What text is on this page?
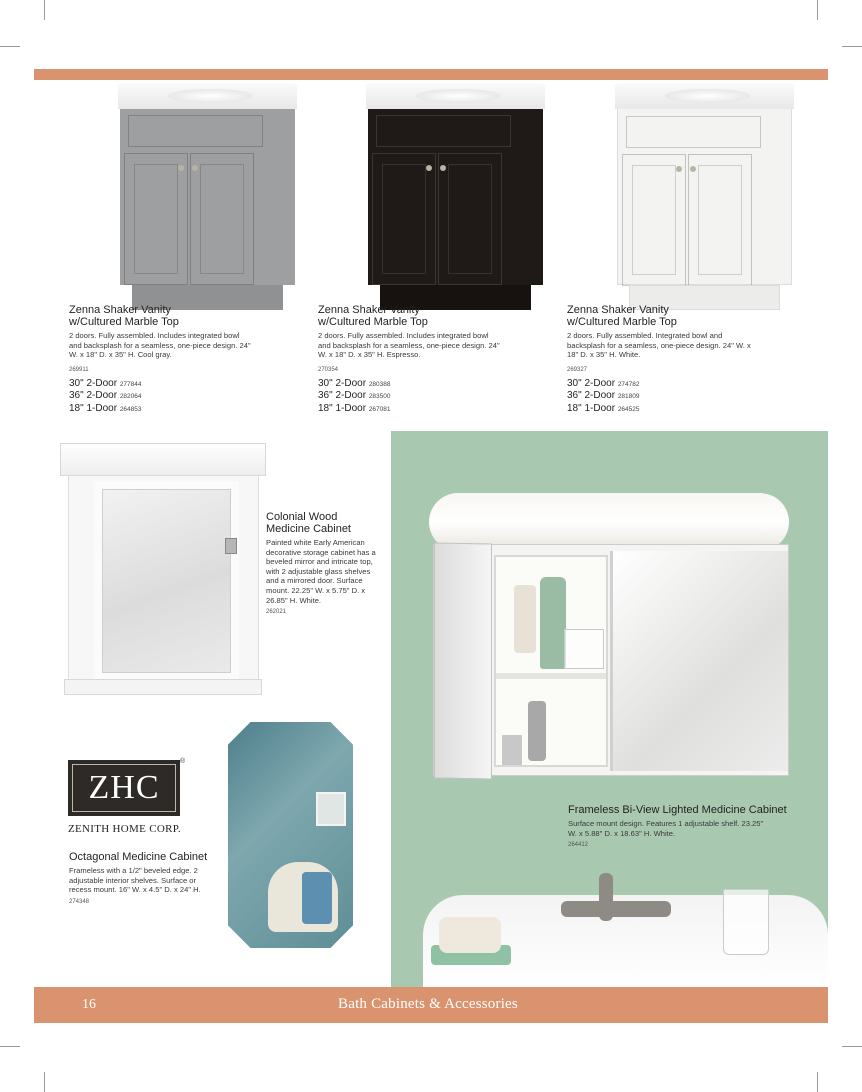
Zenna Shaker Vanity
w/Cultured Marble Top
2 doors. Fully assembled. Includes integrated bowl and backsplash for a seamless, one-piece design. 24" W. x 18" D. x 35" H. Cool gray.
269911
30" 2-Door 277844
36" 2-Door 282064
18" 1-Door 264853
Zenna Shaker Vanity
w/Cultured Marble Top
2 doors. Fully assembled. Includes integrated bowl and backsplash for a seamless, one-piece design. 24" W. x 18" D. x 35" H. Espresso.
270354
30" 2-Door 280388
36" 2-Door 283500
18" 1-Door 267081
Zenna Shaker Vanity
w/Cultured Marble Top
2 doors. Fully assembled. Integrated bowl and backsplash for a seamless, one-piece design. 24" W. x 18" D. x 35" H. White.
269327
30" 2-Door 274782
36" 2-Door 281809
18" 1-Door 264525
Colonial Wood
Medicine Cabinet
Painted white Early American decorative storage cabinet has a beveled mirror and intricate top, with 2 adjustable glass shelves and a mirrored door. Surface mount. 22.25" W. x 5.75" D. x 26.85" H. White.
262021
Frameless Bi-View Lighted Medicine Cabinet
Surface mount design. Features 1 adjustable shelf. 23.25" W. x 5.88" D. x 18.63" H. White.
264412
ZHC
®
ZENITH HOME CORP.
Octagonal Medicine Cabinet
Frameless with a 1/2" beveled edge. 2 adjustable interior shelves. Surface or recess mount. 16" W. x 4.5" D. x 24" H.
274348
16	Bath Cabinets & Accessories
